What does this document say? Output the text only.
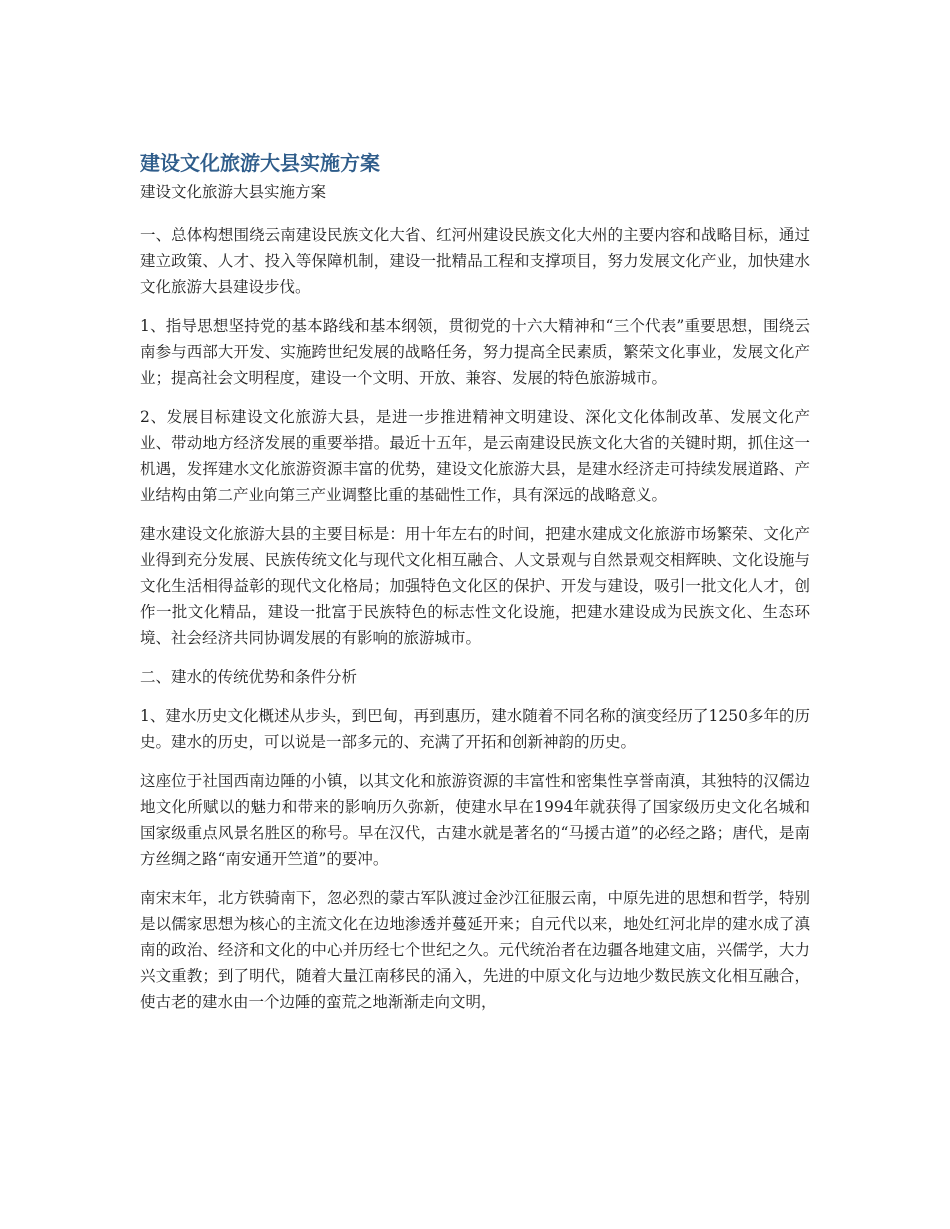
建设文化旅游大县实施方案

建设文化旅游大县实施方案

一、总体构想围绕云南建设民族文化大省、红河州建设民族文化大州的主要内容和战略目标，通过建立政策、人才、投入等保障机制，建设一批精品工程和支撑项目，努力发展文化产业，加快建水文化旅游大县建设步伐。

1、指导思想坚持党的基本路线和基本纲领，贯彻党的十六大精神和“三个代表”重要思想，围绕云南参与西部大开发、实施跨世纪发展的战略任务，努力提高全民素质，繁荣文化事业，发展文化产业；提高社会文明程度，建设一个文明、开放、兼容、发展的特色旅游城市。

2、发展目标建设文化旅游大县，是进一步推进精神文明建设、深化文化体制改革、发展文化产业、带动地方经济发展的重要举措。最近十五年，是云南建设民族文化大省的关键时期，抓住这一机遇，发挥建水文化旅游资源丰富的优势，建设文化旅游大县，是建水经济走可持续发展道路、产业结构由第二产业向第三产业调整比重的基础性工作，具有深远的战略意义。

建水建设文化旅游大县的主要目标是：用十年左右的时间，把建水建成文化旅游市场繁荣、文化产业得到充分发展、民族传统文化与现代文化相互融合、人文景观与自然景观交相辉映、文化设施与文化生活相得益彰的现代文化格局；加强特色文化区的保护、开发与建设，吸引一批文化人才，创作一批文化精品，建设一批富于民族特色的标志性文化设施，把建水建设成为民族文化、生态环境、社会经济共同协调发展的有影响的旅游城市。

二、建水的传统优势和条件分析

1、建水历史文化概述从步头，到巴甸，再到惠历，建水随着不同名称的演变经历了1250多年的历史。建水的历史，可以说是一部多元的、充满了开拓和创新神韵的历史。

这座位于社国西南边陲的小镇，以其文化和旅游资源的丰富性和密集性享誉南滇，其独特的汉儒边地文化所赋以的魅力和带来的影响历久弥新，使建水早在1994年就获得了国家级历史文化名城和国家级重点风景名胜区的称号。早在汉代，古建水就是著名的“马援古道”的必经之路；唐代，是南方丝绸之路“南安通开竺道”的要冲。

南宋末年，北方铁骑南下，忽必烈的蒙古军队渡过金沙江征服云南，中原先进的思想和哲学，特别是以儒家思想为核心的主流文化在边地渗透并蔓延开来；自元代以来，地处红河北岸的建水成了滇南的政治、经济和文化的中心并历经七个世纪之久。元代统治者在边疆各地建文庙，兴儒学，大力兴文重教；到了明代，随着大量江南移民的涌入，先进的中原文化与边地少数民族文化相互融合，使古老的建水由一个边陲的蛮荒之地渐渐走向文明，
